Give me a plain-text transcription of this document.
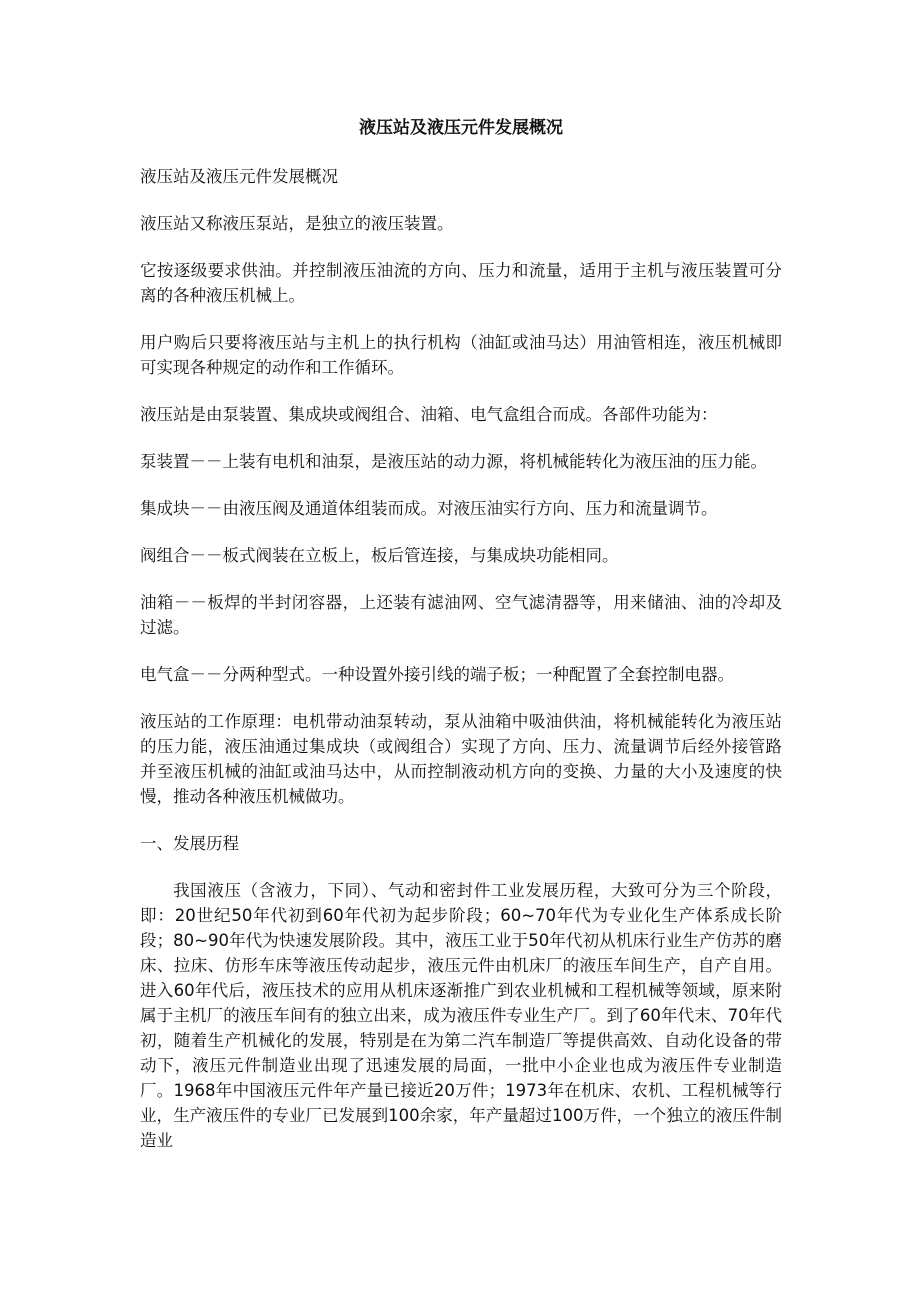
液压站及液压元件发展概况

液压站及液压元件发展概况

液压站又称液压泵站，是独立的液压装置。

它按逐级要求供油。并控制液压油流的方向、压力和流量，适用于主机与液压装置可分离的各种液压机械上。

用户购后只要将液压站与主机上的执行机构（油缸或油马达）用油管相连，液压机械即可实现各种规定的动作和工作循环。

液压站是由泵装置、集成块或阀组合、油箱、电气盒组合而成。各部件功能为：

泵装置－－上装有电机和油泵，是液压站的动力源，将机械能转化为液压油的压力能。

集成块－－由液压阀及通道体组装而成。对液压油实行方向、压力和流量调节。

阀组合－－板式阀装在立板上，板后管连接，与集成块功能相同。

油箱－－板焊的半封闭容器，上还装有滤油网、空气滤清器等，用来储油、油的冷却及过滤。

电气盒－－分两种型式。一种设置外接引线的端子板；一种配置了全套控制电器。

液压站的工作原理：电机带动油泵转动，泵从油箱中吸油供油，将机械能转化为液压站的压力能，液压油通过集成块（或阀组合）实现了方向、压力、流量调节后经外接管路并至液压机械的油缸或油马达中，从而控制液动机方向的变换、力量的大小及速度的快慢，推动各种液压机械做功。

一、发展历程

我国液压（含液力，下同）、气动和密封件工业发展历程，大致可分为三个阶段，即：20世纪50年代初到60年代初为起步阶段；60~70年代为专业化生产体系成长阶段；80~90年代为快速发展阶段。其中，液压工业于50年代初从机床行业生产仿苏的磨床、拉床、仿形车床等液压传动起步，液压元件由机床厂的液压车间生产，自产自用。进入60年代后，液压技术的应用从机床逐渐推广到农业机械和工程机械等领域，原来附属于主机厂的液压车间有的独立出来，成为液压件专业生产厂。到了60年代末、70年代初，随着生产机械化的发展，特别是在为第二汽车制造厂等提供高效、自动化设备的带动下，液压元件制造业出现了迅速发展的局面，一批中小企业也成为液压件专业制造厂。1968年中国液压元件年产量已接近20万件；1973年在机床、农机、工程机械等行业，生产液压件的专业厂已发展到100余家，年产量超过100万件，一个独立的液压件制造业
